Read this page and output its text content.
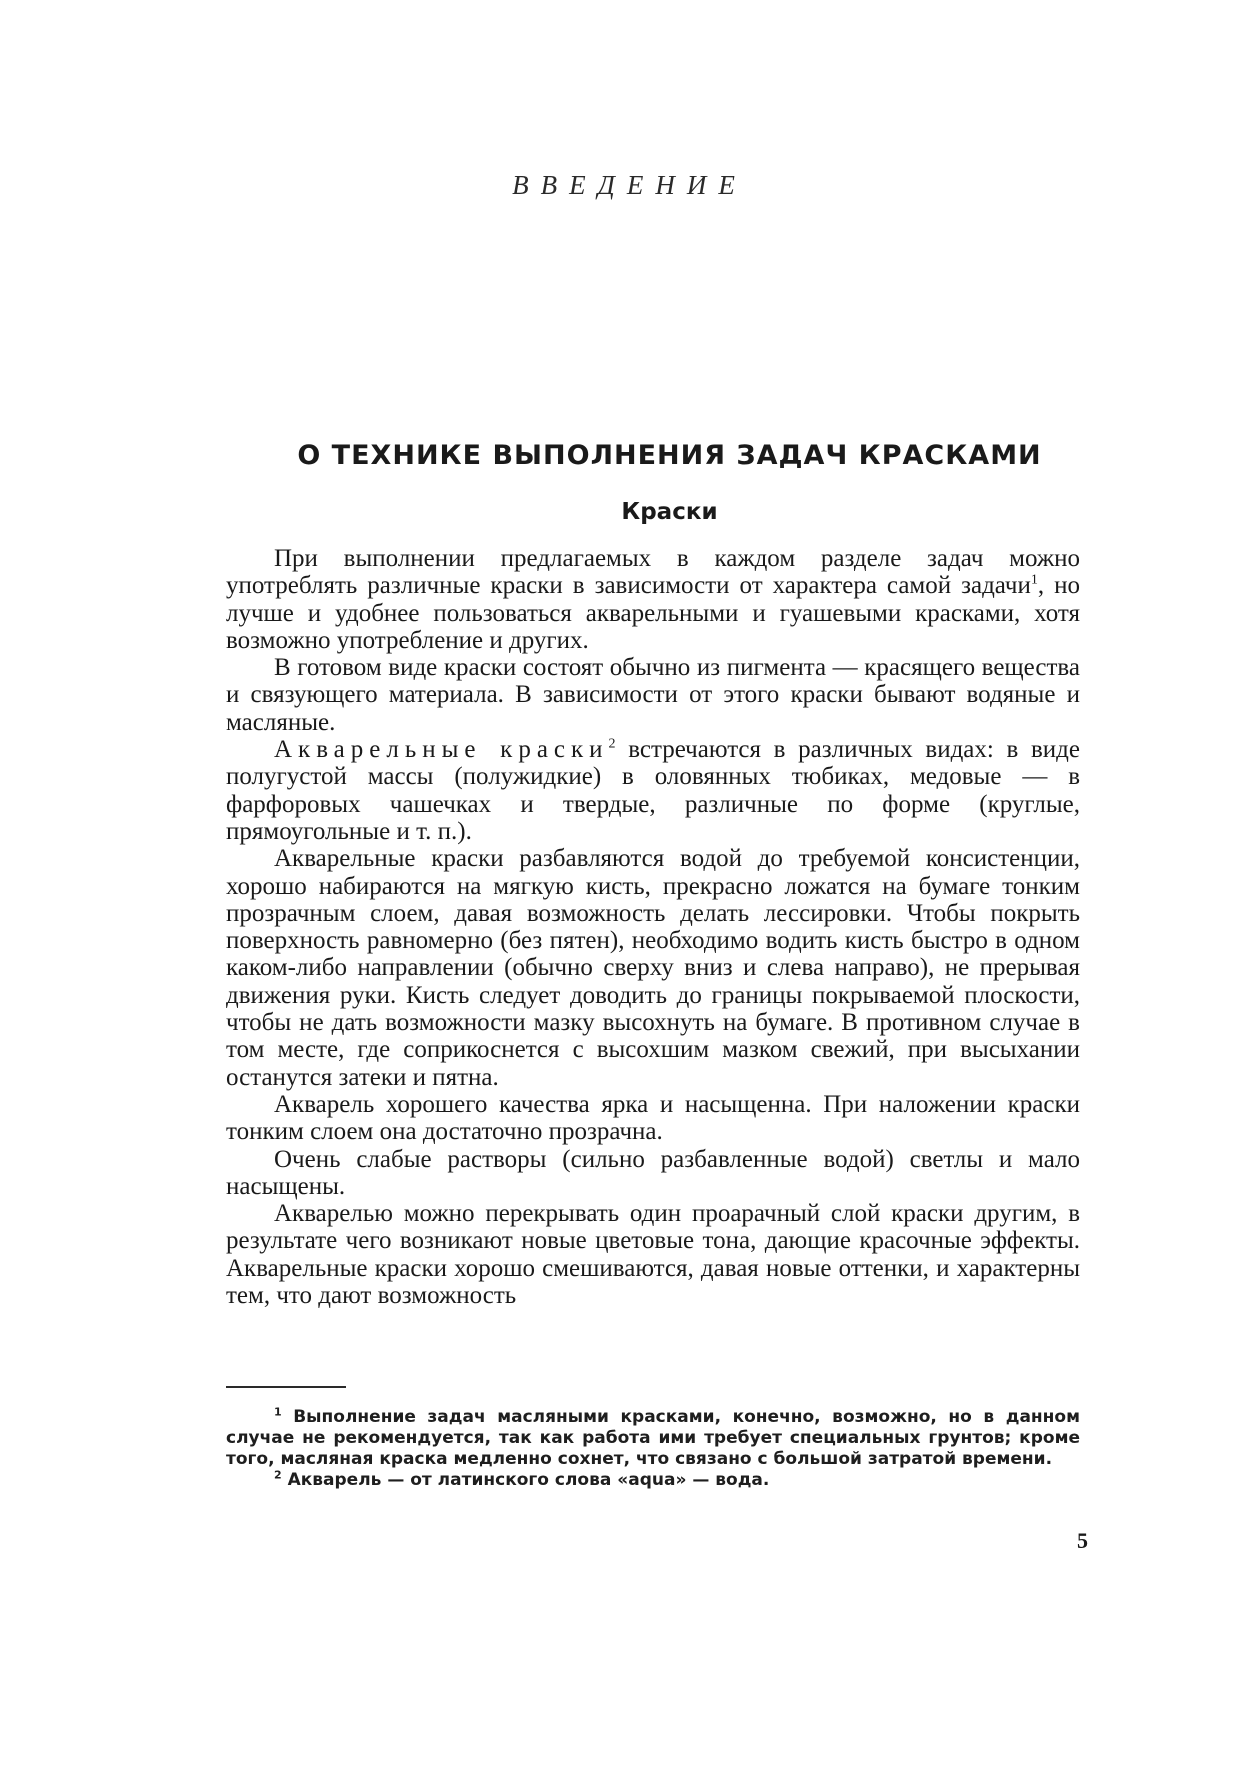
ВВЕДЕНИЕ
О ТЕХНИКЕ ВЫПОЛНЕНИЯ ЗАДАЧ КРАСКАМИ
Краски

При выполнении предлагаемых в каждом разделе задач можно употреблять различные краски в зависимости от характера самой задачи$^1$, но лучше и удобнее пользоваться акварельными и гуашевыми красками, хотя возможно употребление и других.

В готовом виде краски состоят обычно из пигмента — красящего вещества и связующего материала. В зависимости от этого краски бывают водяные и масляные.

Акварельные краски$^2$ встречаются в различных видах: в виде полугустой массы (полужидкие) в оловянных тюбиках, медовые — в фарфоровых чашечках и твердые, различные по форме (круглые, прямоугольные и т. п.).

Акварельные краски разбавляются водой до требуемой консистенции, хорошо набираются на мягкую кисть, прекрасно ложатся на бумаге тонким прозрачным слоем, давая возможность делать лессировки. Чтобы покрыть поверхность равномерно (без пятен), необходимо водить кисть быстро в одном каком-либо направлении (обычно сверху вниз и слева направо), не прерывая движения руки. Кисть следует доводить до границы покрываемой плоскости, чтобы не дать возможности мазку высохнуть на бумаге. В противном случае в том месте, где соприкоснется с высохшим мазком свежий, при высыхании останутся затеки и пятна.

Акварель хорошего качества ярка и насыщенна. При наложении краски тонким слоем она достаточно прозрачна.

Очень слабые растворы (сильно разбавленные водой) светлы и мало насыщены.

Акварелью можно перекрывать один проарачный слой краски другим, в результате чего возникают новые цветовые тона, дающие красочные эффекты. Акварельные краски хорошо смешиваются, давая новые оттенки, и характерны тем, что дают возможность

$^1$ Выполнение задач масляными красками, конечно, возможно, но в данном случае не рекомендуется, так как работа ими требует специальных грунтов; кроме того, масляная краска медленно сохнет, что связано с большой затратой времени.

$^2$ Акварель — от латинского слова «aqua» — вода.

5
